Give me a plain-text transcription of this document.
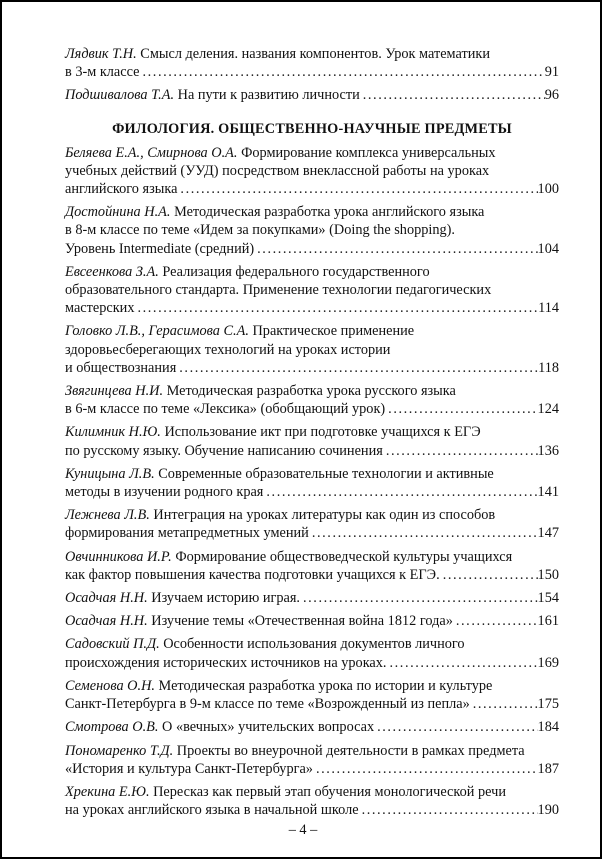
Лядвик Т.Н. Смысл деления. названия компонентов. Урок математики
в 3-м классе . . .	91
Подшивалова Т.А. На пути к развитию личности . . .	96
ФИЛОЛОГИЯ. ОБЩЕСТВЕННО-НАУЧНЫЕ ПРЕДМЕТЫ
Беляева Е.А., Смирнова О.А. Формирование комплекса универсальных
учебных действий (УУД) посредством внеклассной работы на уроках
английского языка . . .	100
Достойнина Н.А. Методическая разработка урока английского языка
в 8-м классе по теме «Идем за покупками» (Doing the shopping).
Уровень Intermediate (средний) . . .	104
Евсеенкова З.А. Реализация федерального государственного
образовательного стандарта. Применение технологии педагогических
мастерских . . .	114
Головко Л.В., Герасимова С.А. Практическое применение
здоровьесберегающих технологий на уроках истории
и обществознания . . .	118
Звягинцева Н.И. Методическая разработка урока русского языка
в 6-м классе по теме «Лексика» (обобщающий урок) . . .	124
Килимник Н.Ю. Использование икт при подготовке учащихся к ЕГЭ
по русскому языку. Обучение написанию сочинения . . .	136
Куницына Л.В. Современные образовательные технологии и активные
методы в изучении родного края . . .	141
Лежнева Л.В. Интеграция на уроках литературы как один из способов
формирования метапредметных умений . . .	147
Овчинникова И.Р. Формирование обществоведческой культуры учащихся
как фактор повышения качества подготовки учащихся к ЕГЭ. . . .	150
Осадчая Н.Н. Изучаем историю играя. . . .	154
Осадчая Н.Н. Изучение темы «Отечественная война 1812 года» . . .	161
Садовский П.Д. Особенности использования документов личного
происхождения исторических источников на уроках. . . .	169
Семенова О.Н. Методическая разработка урока по истории и культуре
Санкт-Петербурга в 9-м классе по теме «Возрожденный из пепла» . . .	175
Смотрова О.В. О «вечных» учительских вопросах . . .	184
Пономаренко Т.Д. Проекты во внеурочной деятельности в рамках предмета
«История и культура Санкт-Петербурга» . . .	187
Хрекина Е.Ю. Пересказ как первый этап обучения монологической речи
на уроках английского языка в начальной школе . . .	190
– 4 –
